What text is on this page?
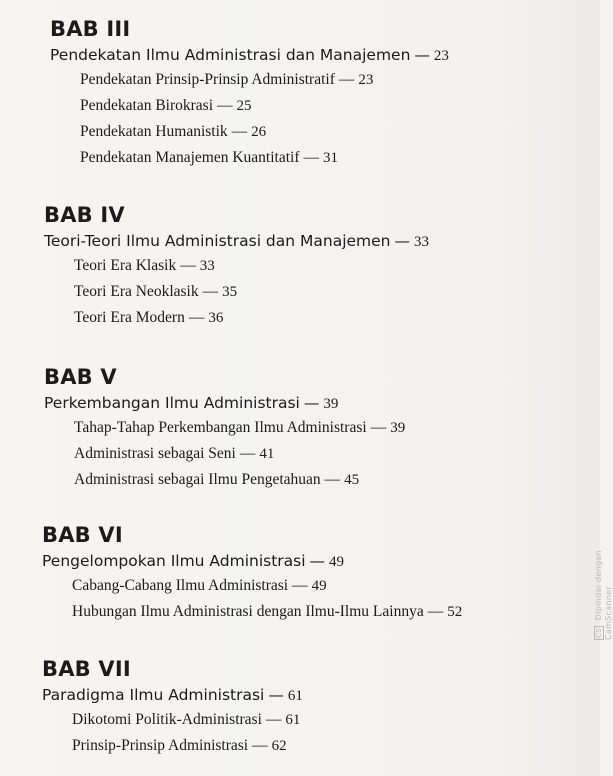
BAB III
Pendekatan Ilmu Administrasi dan Manajemen — 23
Pendekatan Prinsip-Prinsip Administratif — 23
Pendekatan Birokrasi — 25
Pendekatan Humanistik — 26
Pendekatan Manajemen Kuantitatif — 31
BAB IV
Teori-Teori Ilmu Administrasi dan Manajemen — 33
Teori Era Klasik — 33
Teori Era Neoklasik — 35
Teori Era Modern — 36
BAB V
Perkembangan Ilmu Administrasi — 39
Tahap-Tahap Perkembangan Ilmu Administrasi — 39
Administrasi sebagai Seni — 41
Administrasi sebagai Ilmu Pengetahuan — 45
BAB VI
Pengelompokan Ilmu Administrasi — 49
Cabang-Cabang Ilmu Administrasi — 49
Hubungan Ilmu Administrasi dengan Ilmu-Ilmu Lainnya — 52
BAB VII
Paradigma Ilmu Administrasi — 61
Dikotomi Politik-Administrasi — 61
Prinsip-Prinsip Administrasi — 62
CS Dipindai dengan CamScanner
